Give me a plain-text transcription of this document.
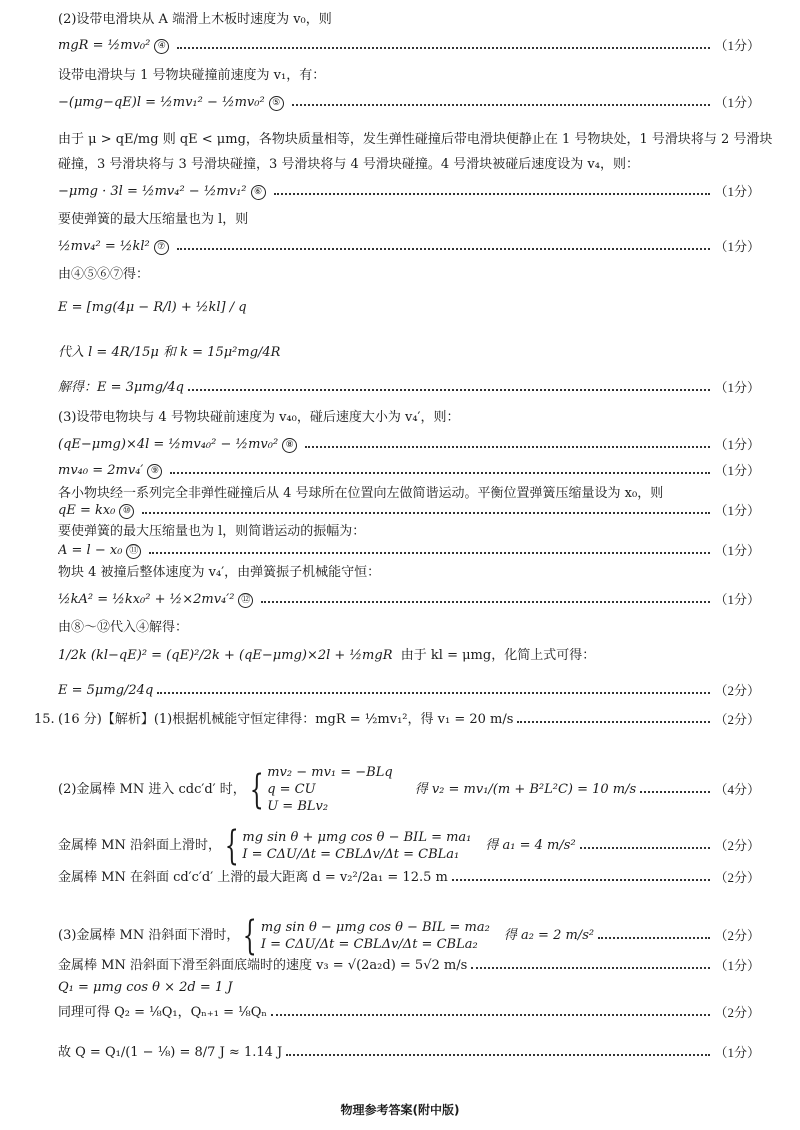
(2)设带电滑块从 A 端滑上木板时速度为 v₀，则
mgR = ½mv₀² ④	（1分）
设带电滑块与 1 号物块碰撞前速度为 v₁，有：
−(μmg−qE)l = ½mv₁² − ½mv₀² ⑤	（1分）
由于 μ > qE/mg 则 qE < μmg，各物块质量相等，发生弹性碰撞后带电滑块便静止在 1 号物块处，1 号滑块将与 2 号滑块
碰撞，3 号滑块将与 3 号滑块碰撞，3 号滑块将与 4 号滑块碰撞。4 号滑块被碰后速度设为 v₄，则：
−μmg · 3l = ½mv₄² − ½mv₁² ⑥	（1分）
要使弹簧的最大压缩量也为 l，则
½mv₄² = ½kl² ⑦	（1分）
由④⑤⑥⑦得：
E = [mg(4μ − R/l) + ½kl] / q
代入 l = 4R/15μ 和 k = 15μ²mg/4R
解得：E = 3μmg/4q	（1分）
(3)设带电物块与 4 号物块碰前速度为 v₄₀，碰后速度大小为 v₄′，则：
(qE−μmg)×4l = ½mv₄₀² − ½mv₀² ⑧	（1分）
mv₄₀ = 2mv₄′ ⑨	（1分）
各小物块经一系列完全非弹性碰撞后从 4 号球所在位置向左做简谐运动。平衡位置弹簧压缩量设为 x₀，则
qE = kx₀ ⑩	（1分）
要使弹簧的最大压缩量也为 l，则简谐运动的振幅为：
A = l − x₀ ⑪	（1分）
物块 4 被撞后整体速度为 v₄′，由弹簧振子机械能守恒：
½kA² = ½kx₀² + ½×2mv₄′² ⑫	（1分）
由⑧～⑫代入④解得：
1/2k (kl−qE)² = (qE)²/2k + (qE−μmg)×2l + ½mgR 由于 kl = μmg，化简上式可得：
E = 5μmg/24q	（2分）
15. (16 分)【解析】(1)根据机械能守恒定律得：mgR = ½mv₁²，得 v₁ = 20 m/s	（2分）
(2)金属棒 MN 进入 cdc′d′ 时， { mv₂ − mv₁ = −BLq
q = CU
U = BLv₂
得 v₂ = mv₁/(m + B²L²C) = 10 m/s	（4分）
金属棒 MN 沿斜面上滑时， { mg sin θ + μmg cos θ − BIL = ma₁
I = CΔU/Δt = CBLΔv/Δt = CBLa₁
得 a₁ = 4 m/s²	（2分）
金属棒 MN 在斜面 cd′c′d′ 上滑的最大距离 d = v₂²/2a₁ = 12.5 m	（2分）
(3)金属棒 MN 沿斜面下滑时， { mg sin θ − μmg cos θ − BIL = ma₂
I = CΔU/Δt = CBLΔv/Δt = CBLa₂
得 a₂ = 2 m/s²	（2分）
金属棒 MN 沿斜面下滑至斜面底端时的速度 v₃ = √(2a₂d) = 5√2 m/s	（1分）
Q₁ = μmg cos θ × 2d = 1 J
同理可得 Q₂ = ⅛Q₁，Qₙ₊₁ = ⅛Qₙ	（2分）
故 Q = Q₁/(1 − ⅛) = 8/7 J ≈ 1.14 J	（1分）
物理参考答案(附中版)
